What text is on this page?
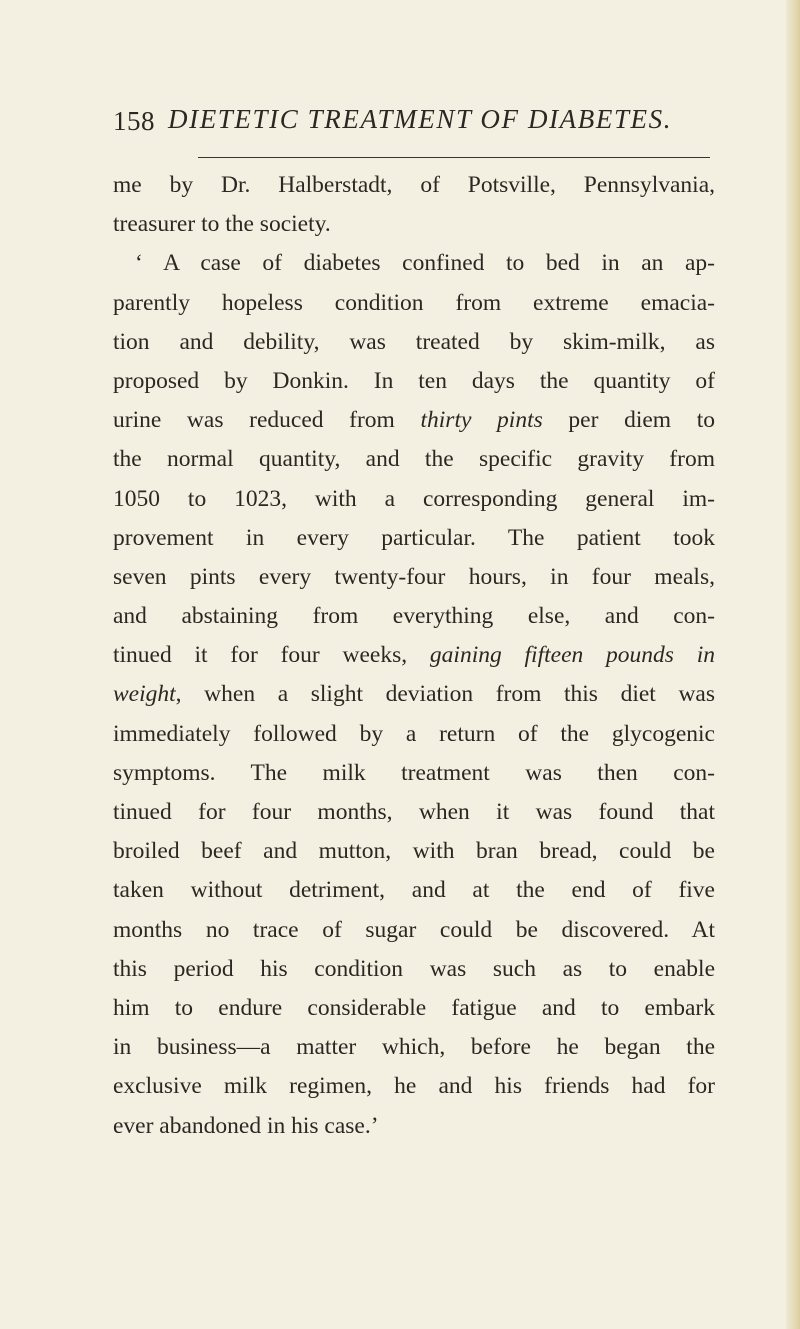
158 DIETETIC TREATMENT OF DIABETES.
me by Dr. Halberstadt, of Potsville, Pennsylvania,
treasurer to the society.
‘ A case of diabetes confined to bed in an ap-
parently hopeless condition from extreme emacia-
tion and debility, was treated by skim-milk, as
proposed by Donkin. In ten days the quantity of
urine was reduced from thirty pints per diem to
the normal quantity, and the specific gravity from
1050 to 1023, with a corresponding general im-
provement in every particular. The patient took
seven pints every twenty-four hours, in four meals,
and abstaining from everything else, and con-
tinued it for four weeks, gaining fifteen pounds in
weight, when a slight deviation from this diet was
immediately followed by a return of the glycogenic
symptoms. The milk treatment was then con-
tinued for four months, when it was found that
broiled beef and mutton, with bran bread, could be
taken without detriment, and at the end of five
months no trace of sugar could be discovered. At
this period his condition was such as to enable
him to endure considerable fatigue and to embark
in business—a matter which, before he began the
exclusive milk regimen, he and his friends had for
ever abandoned in his case.’
